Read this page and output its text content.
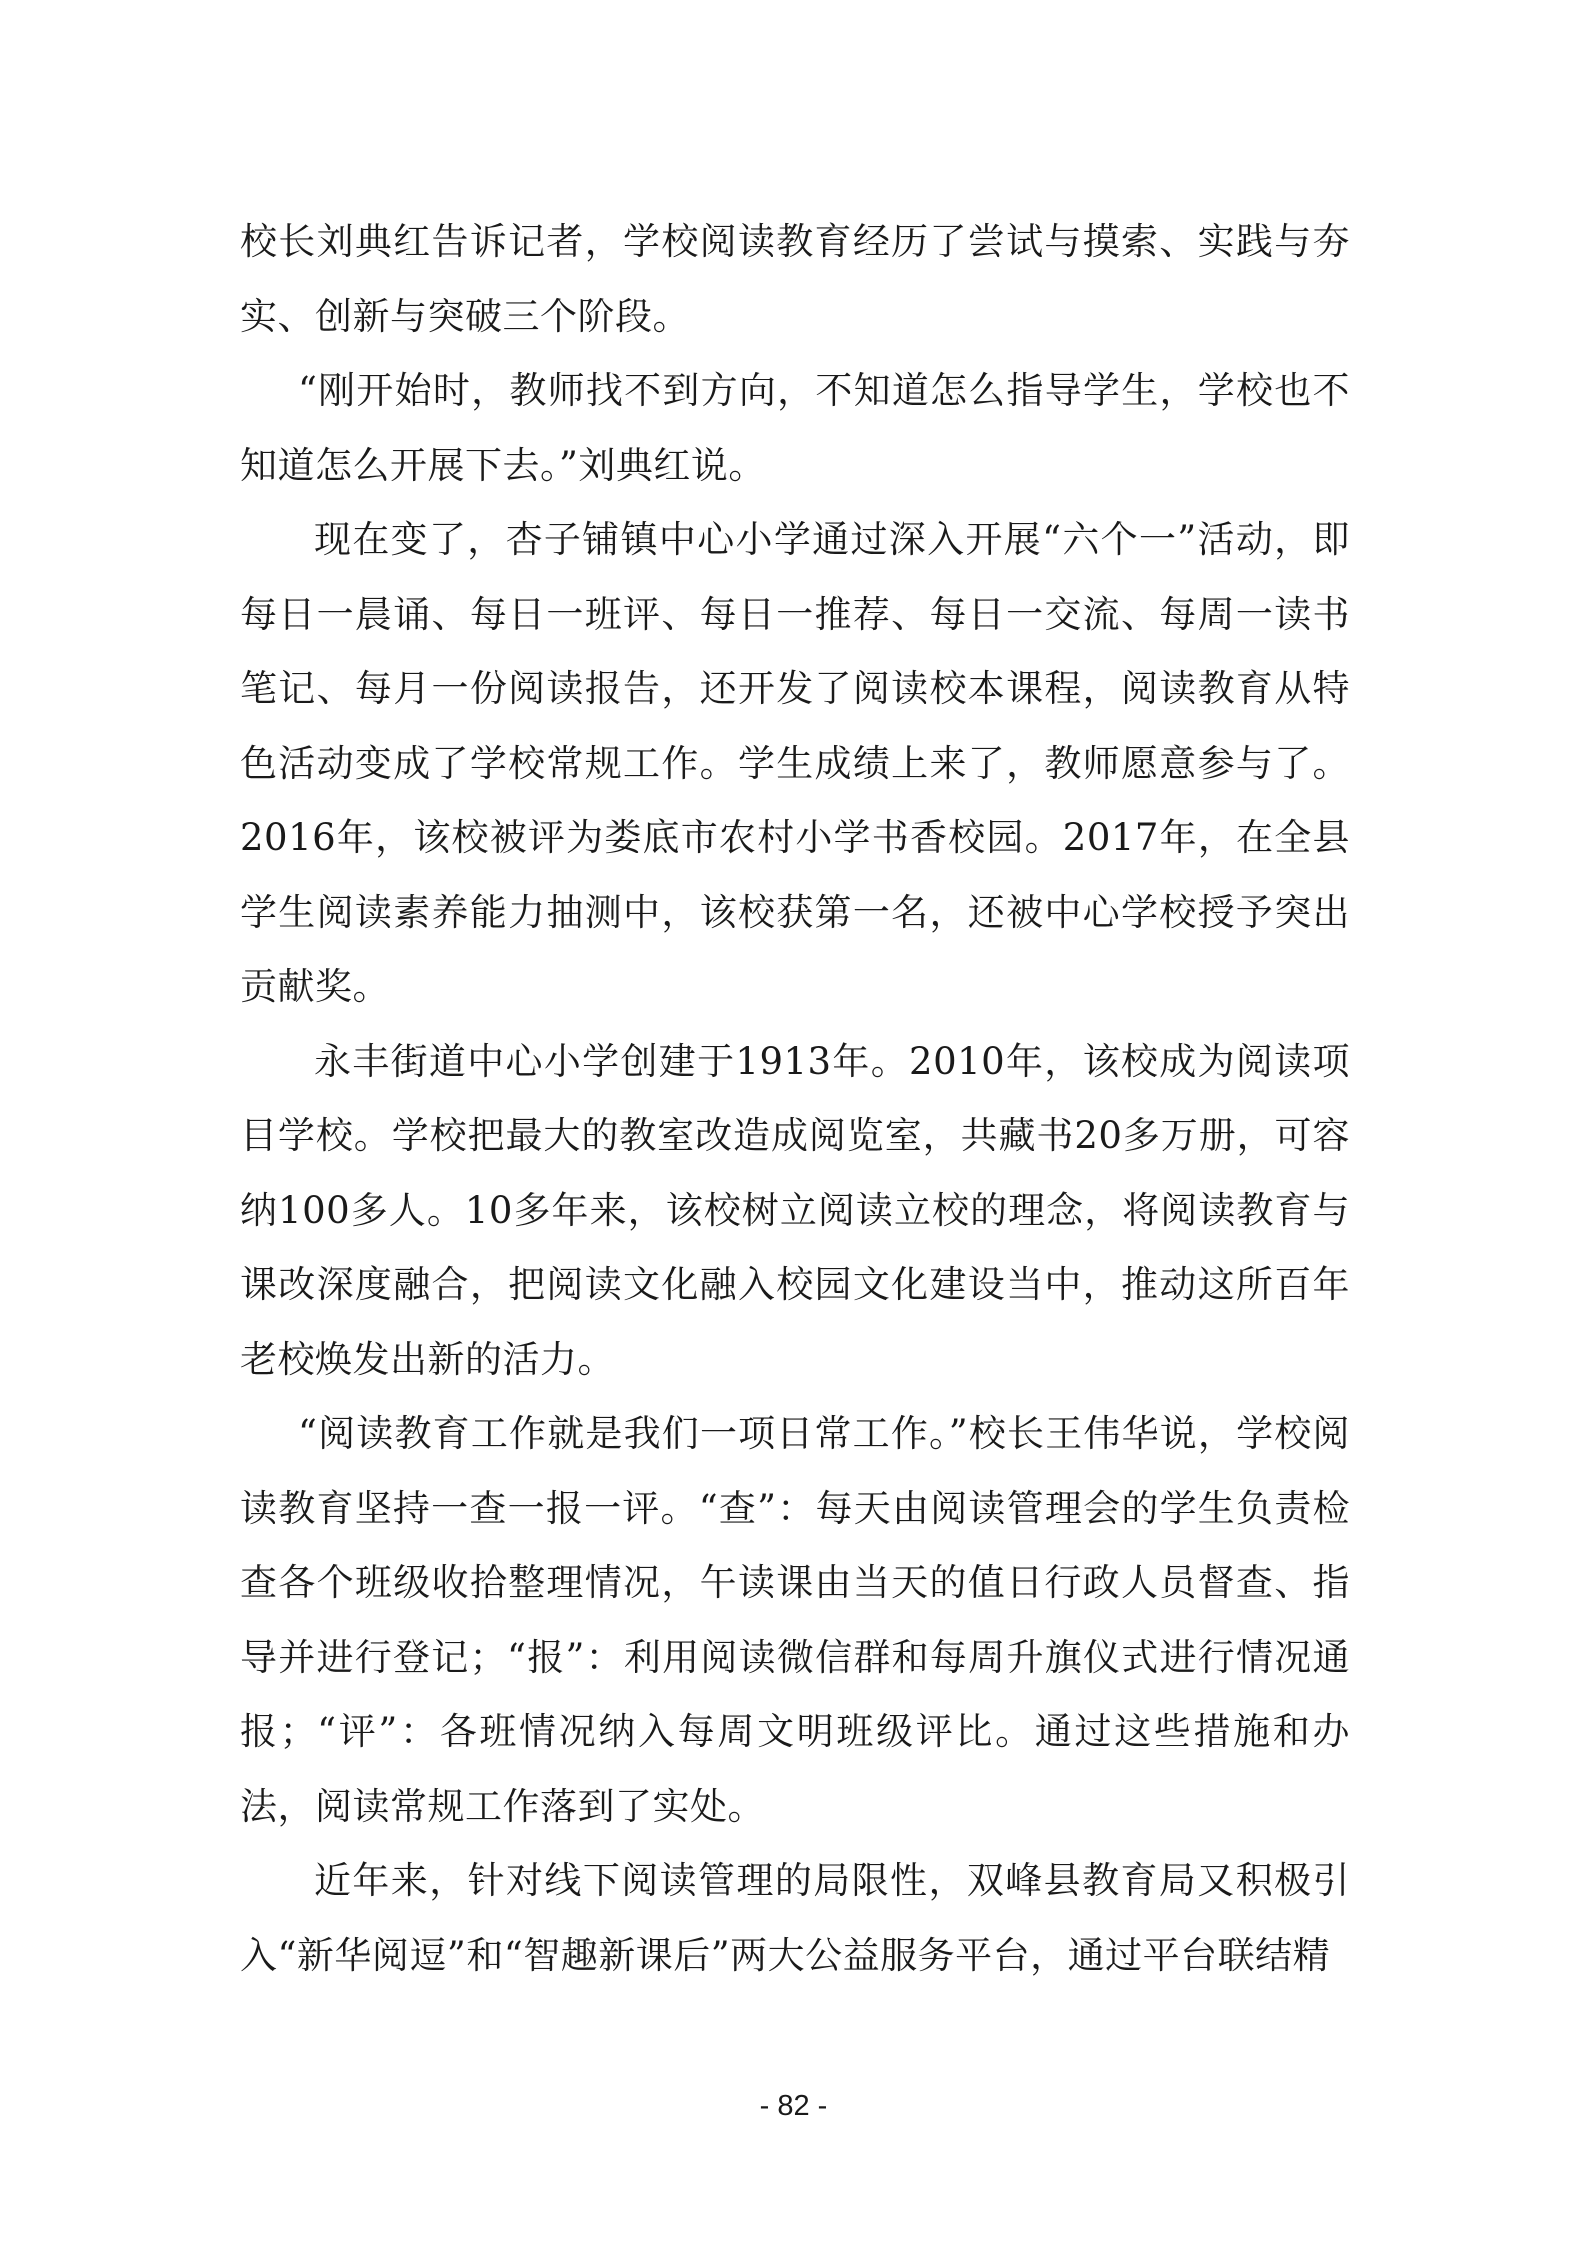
校长刘典红告诉记者，学校阅读教育经历了尝试与摸索、实践与夯实、创新与突破三个阶段。

“刚开始时，教师找不到方向，不知道怎么指导学生，学校也不知道怎么开展下去。”刘典红说。

现在变了，杏子铺镇中心小学通过深入开展“六个一”活动，即每日一晨诵、每日一班评、每日一推荐、每日一交流、每周一读书笔记、每月一份阅读报告，还开发了阅读校本课程，阅读教育从特色活动变成了学校常规工作。学生成绩上来了，教师愿意参与了。2016年，该校被评为娄底市农村小学书香校园。2017年，在全县学生阅读素养能力抽测中，该校获第一名，还被中心学校授予突出贡献奖。

永丰街道中心小学创建于1913年。2010年，该校成为阅读项目学校。学校把最大的教室改造成阅览室，共藏书20多万册，可容纳100多人。10多年来，该校树立阅读立校的理念，将阅读教育与课改深度融合，把阅读文化融入校园文化建设当中，推动这所百年老校焕发出新的活力。

“阅读教育工作就是我们一项日常工作。”校长王伟华说，学校阅读教育坚持一查一报一评。“查”：每天由阅读管理会的学生负责检查各个班级收拾整理情况，午读课由当天的值日行政人员督查、指导并进行登记；“报”：利用阅读微信群和每周升旗仪式进行情况通报；“评”：各班情况纳入每周文明班级评比。通过这些措施和办法，阅读常规工作落到了实处。

近年来，针对线下阅读管理的局限性，双峰县教育局又积极引入“新华阅逗”和“智趣新课后”两大公益服务平台，通过平台联结精

- 82 -
